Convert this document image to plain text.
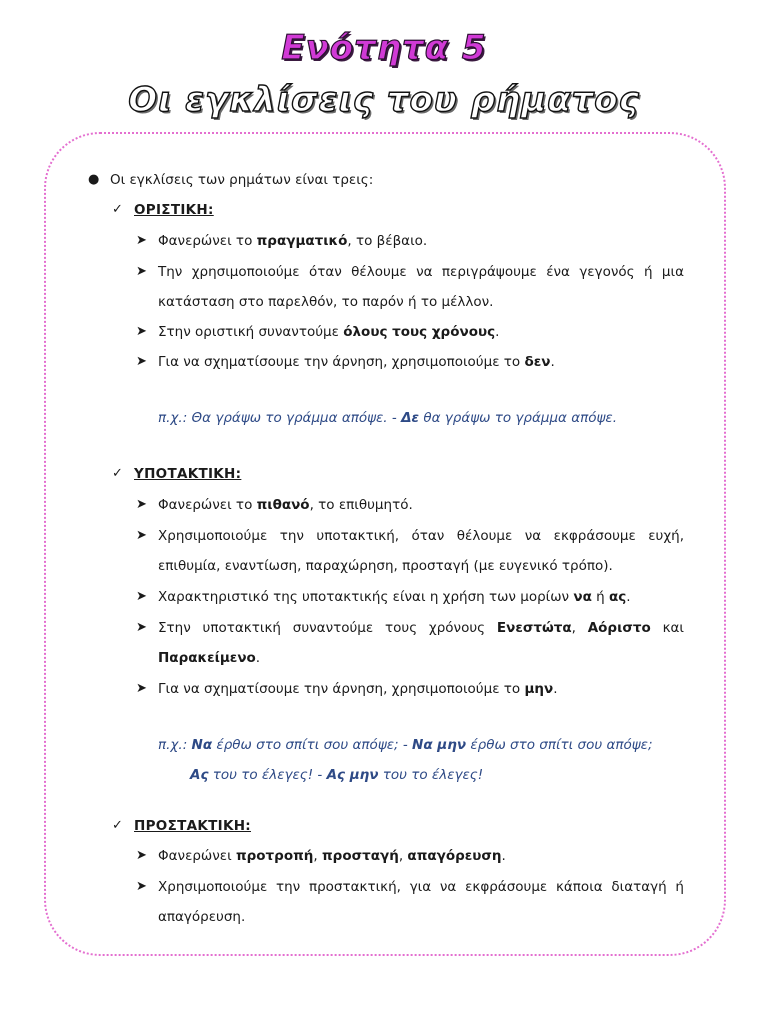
Ενότητα 5
Οι εγκλίσεις του ρήματος
● Οι εγκλίσεις των ρημάτων είναι τρεις:
✓ ΟΡΙΣΤΙΚΗ:
➤ Φανερώνει το πραγματικό, το βέβαιο.
➤ Την χρησιμοποιούμε όταν θέλουμε να περιγράψουμε ένα γεγονός ή μια
κατάσταση στο παρελθόν, το παρόν ή το μέλλον.
➤ Στην οριστική συναντούμε όλους τους χρόνους.
➤ Για να σχηματίσουμε την άρνηση, χρησιμοποιούμε το δεν.
π.χ.: Θα γράψω το γράμμα απόψε. - Δε θα γράψω το γράμμα απόψε.
✓ ΥΠΟΤΑΚΤΙΚΗ:
➤ Φανερώνει το πιθανό, το επιθυμητό.
➤ Χρησιμοποιούμε την υποτακτική, όταν θέλουμε να εκφράσουμε ευχή,
επιθυμία, εναντίωση, παραχώρηση, προσταγή (με ευγενικό τρόπο).
➤ Χαρακτηριστικό της υποτακτικής είναι η χρήση των μορίων να ή ας.
➤ Στην υποτακτική συναντούμε τους χρόνους Ενεστώτα, Αόριστο και
Παρακείμενο.
➤ Για να σχηματίσουμε την άρνηση, χρησιμοποιούμε το μην.
π.χ.: Να έρθω στο σπίτι σου απόψε; - Να μην έρθω στο σπίτι σου απόψε;
Ας του το έλεγες! - Ας μην του το έλεγες!
✓ ΠΡΟΣΤΑΚΤΙΚΗ:
➤ Φανερώνει προτροπή, προσταγή, απαγόρευση.
➤ Χρησιμοποιούμε την προστακτική, για να εκφράσουμε κάποια διαταγή ή
απαγόρευση.
